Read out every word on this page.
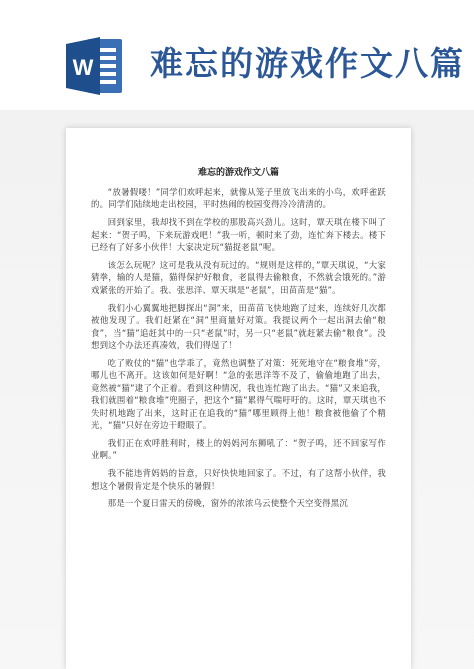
W 难忘的游戏作文八篇
难忘的游戏作文八篇

“放暑假喽！”同学们欢呼起来，就像从笼子里放飞出来的小鸟，欢呼雀跃的。同学们陆续地走出校园，平时热闹的校园变得冷冷清清的。

回到家里，我却找不到在学校的那股高兴劲儿。这时，覃天琪在楼下叫了起来：“贺子鸣，下来玩游戏吧！”我一听，顿时来了劲，连忙奔下楼去。楼下已经有了好多小伙伴！大家决定玩“猫捉老鼠”呢。

该怎么玩呢？这可是我从没有玩过的。“规则是这样的，”覃天琪说，“大家猜拳，输的人是猫，猫得保护好粮食，老鼠得去偷粮食，不然就会饿死的。”游戏紧张的开始了。我、张思洋、覃天琪是“老鼠”，田苗苗是“猫”。

我们小心翼翼地把脚探出“洞”来，田苗苗飞快地跑了过来，连续好几次都被他发现了。我们赶紧在“洞”里商量好对策。我提议两个一起出洞去偷“粮食”，当“猫”追赶其中的一只“老鼠”时，另一只“老鼠”就赶紧去偷“粮食”。没想到这个办法还真凑效，我们得逞了！

吃了败仗的“猫”也学乖了，竟然也调整了对策：死死地守在“粮食堆”旁，哪儿也不离开。这该如何是好啊！“急的张思洋等不及了，偷偷地跑了出去，竟然被“猫”逮了个正着。看到这种情况，我也连忙跑了出去。“猫”又来追我，我们就围着“粮食堆”兜圈子，把这个“猫”累得气喘吁吁的。这时，覃天琪也不失时机地跑了出来，这时正在追我的“猫”哪里顾得上他！粮食被他偷了个精光，“猫”只好在旁边干瞪眼了。

我们正在欢呼胜利时，楼上的妈妈河东狮吼了：“贺子鸣，还不回家写作业啊。”

我不能违背妈妈的旨意，只好快快地回家了。不过，有了这帮小伙伴，我想这个暑假肯定是个快乐的暑假！

那是一个夏日雷天的傍晚，窗外的浓浓乌云使整个天空变得黑沉
